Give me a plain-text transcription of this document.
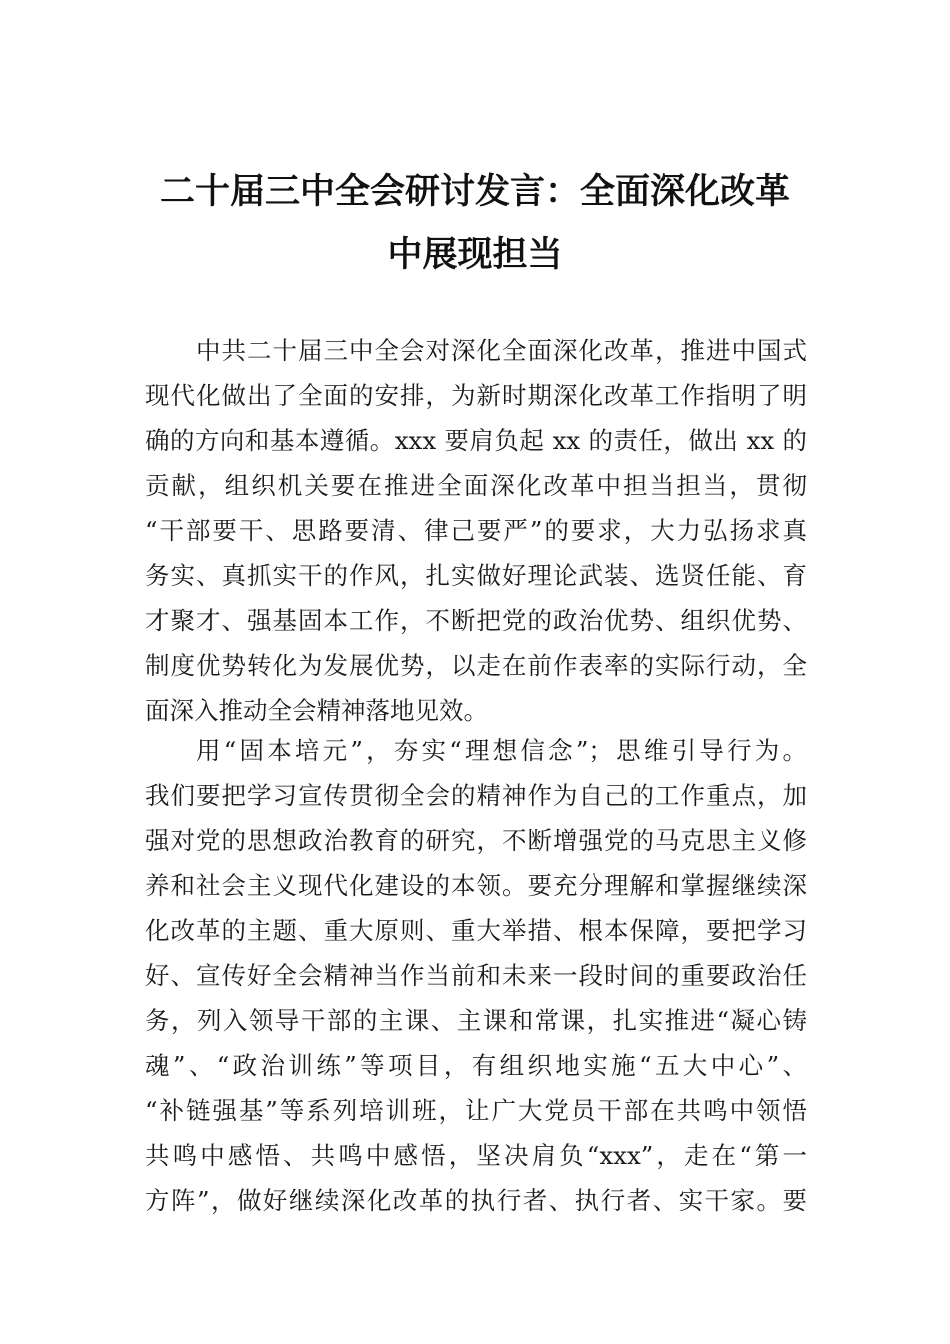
二十届三中全会研讨发言：全面深化改革
中展现担当
中共二十届三中全会对深化全面深化改革，推进中国式
现代化做出了全面的安排，为新时期深化改革工作指明了明
确的方向和基本遵循。xxx 要肩负起 xx 的责任，做出 xx 的
贡献，组织机关要在推进全面深化改革中担当担当，贯彻
“干部要干、思路要清、律己要严”的要求，大力弘扬求真
务实、真抓实干的作风，扎实做好理论武装、选贤任能、育
才聚才、强基固本工作，不断把党的政治优势、组织优势、
制度优势转化为发展优势，以走在前作表率的实际行动，全
面深入推动全会精神落地见效。
用“固本培元”，夯实“理想信念”；思维引导行为。
我们要把学习宣传贯彻全会的精神作为自己的工作重点，加
强对党的思想政治教育的研究，不断增强党的马克思主义修
养和社会主义现代化建设的本领。要充分理解和掌握继续深
化改革的主题、重大原则、重大举措、根本保障，要把学习
好、宣传好全会精神当作当前和未来一段时间的重要政治任
务，列入领导干部的主课、主课和常课，扎实推进“凝心铸
魂”、“政治训练”等项目，有组织地实施“五大中心”、
“补链强基”等系列培训班，让广大党员干部在共鸣中领悟
共鸣中感悟、共鸣中感悟，坚决肩负“xxx”，走在“第一
方阵”，做好继续深化改革的执行者、执行者、实干家。要
